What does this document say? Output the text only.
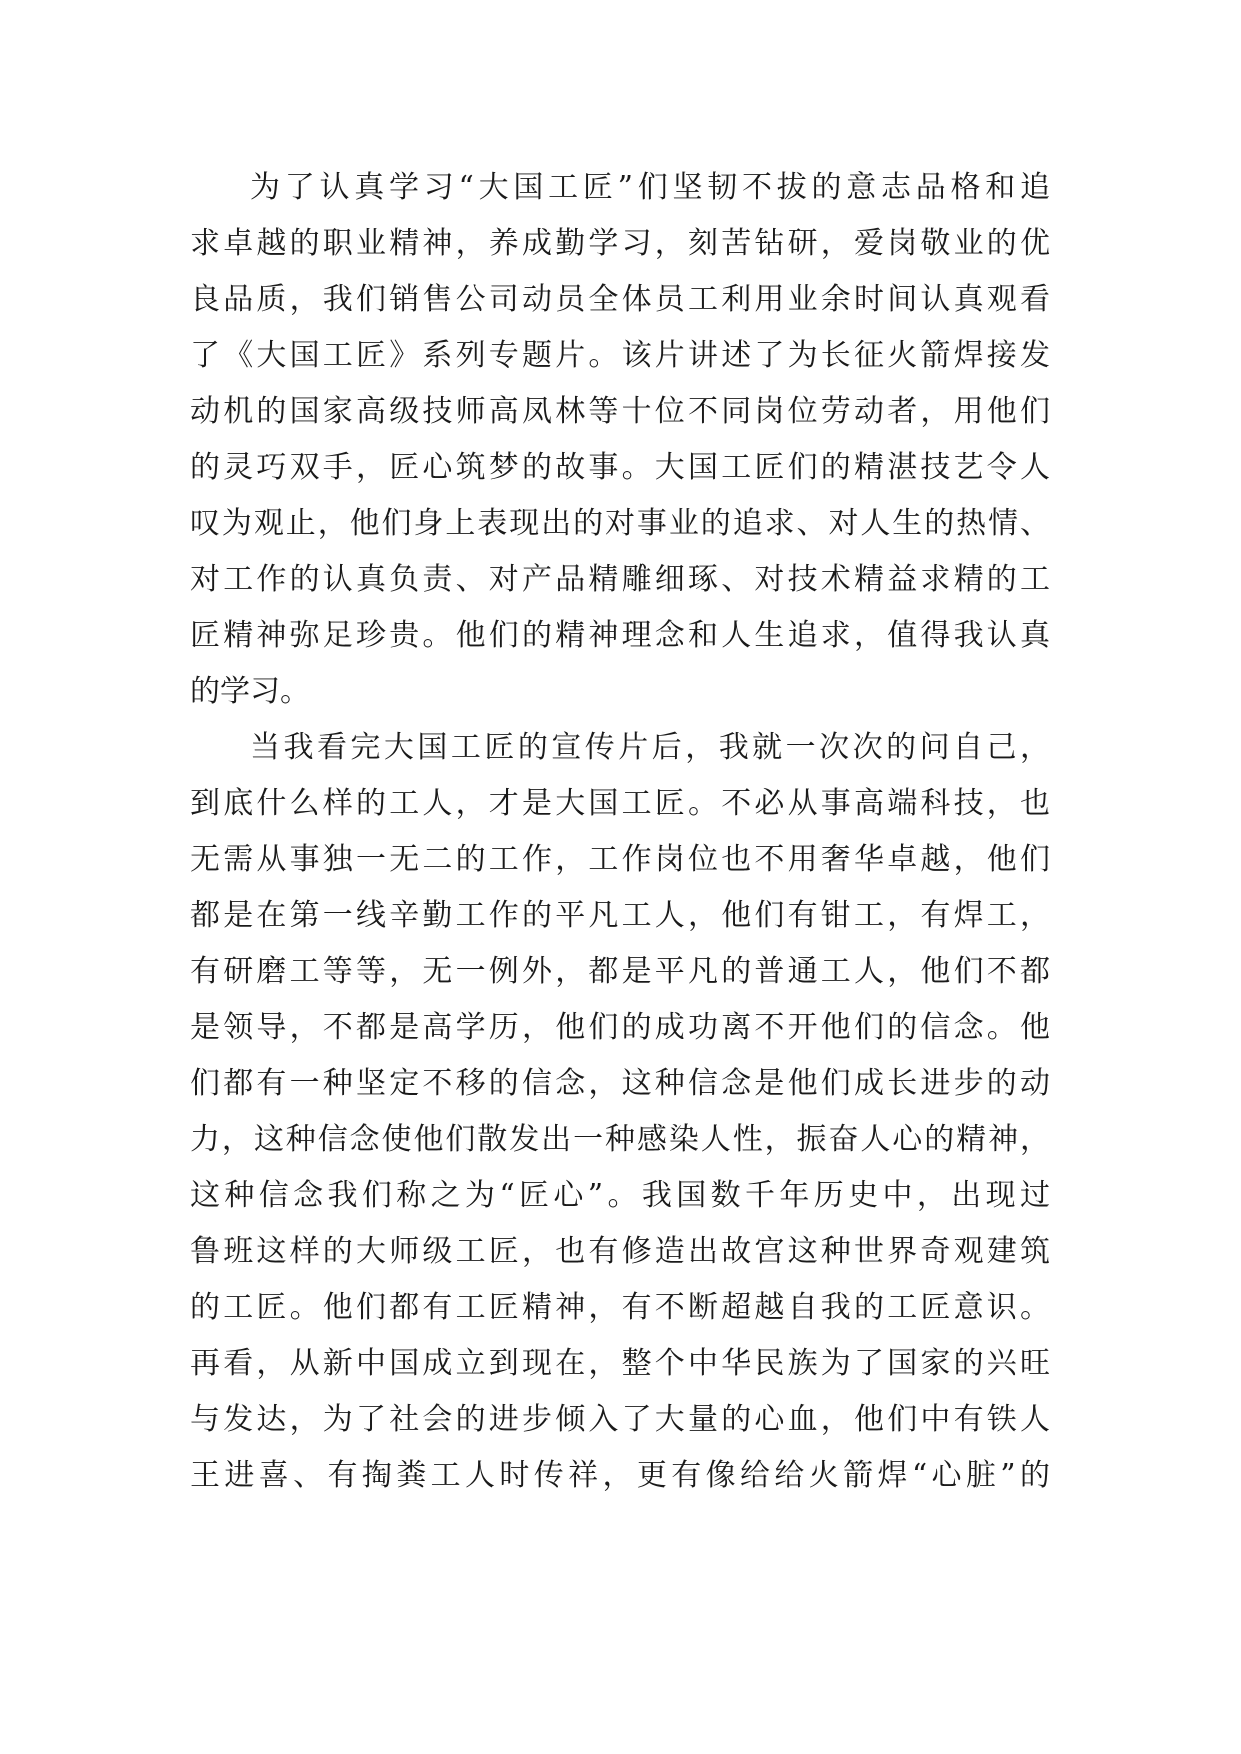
为了认真学习“大国工匠”们坚韧不拔的意志品格和追
求卓越的职业精神，养成勤学习，刻苦钻研，爱岗敬业的优
良品质，我们销售公司动员全体员工利用业余时间认真观看
了《大国工匠》系列专题片。该片讲述了为长征火箭焊接发
动机的国家高级技师高凤林等十位不同岗位劳动者，用他们
的灵巧双手，匠心筑梦的故事。大国工匠们的精湛技艺令人
叹为观止，他们身上表现出的对事业的追求、对人生的热情、
对工作的认真负责、对产品精雕细琢、对技术精益求精的工
匠精神弥足珍贵。他们的精神理念和人生追求，值得我认真
的学习。
当我看完大国工匠的宣传片后，我就一次次的问自己，
到底什么样的工人，才是大国工匠。不必从事高端科技，也
无需从事独一无二的工作，工作岗位也不用奢华卓越，他们
都是在第一线辛勤工作的平凡工人，他们有钳工，有焊工，
有研磨工等等，无一例外，都是平凡的普通工人，他们不都
是领导，不都是高学历，他们的成功离不开他们的信念。他
们都有一种坚定不移的信念，这种信念是他们成长进步的动
力，这种信念使他们散发出一种感染人性，振奋人心的精神，
这种信念我们称之为“匠心”。我国数千年历史中，出现过
鲁班这样的大师级工匠，也有修造出故宫这种世界奇观建筑
的工匠。他们都有工匠精神，有不断超越自我的工匠意识。
再看，从新中国成立到现在，整个中华民族为了国家的兴旺
与发达，为了社会的进步倾入了大量的心血，他们中有铁人
王进喜、有掏粪工人时传祥，更有像给给火箭焊“心脏”的
